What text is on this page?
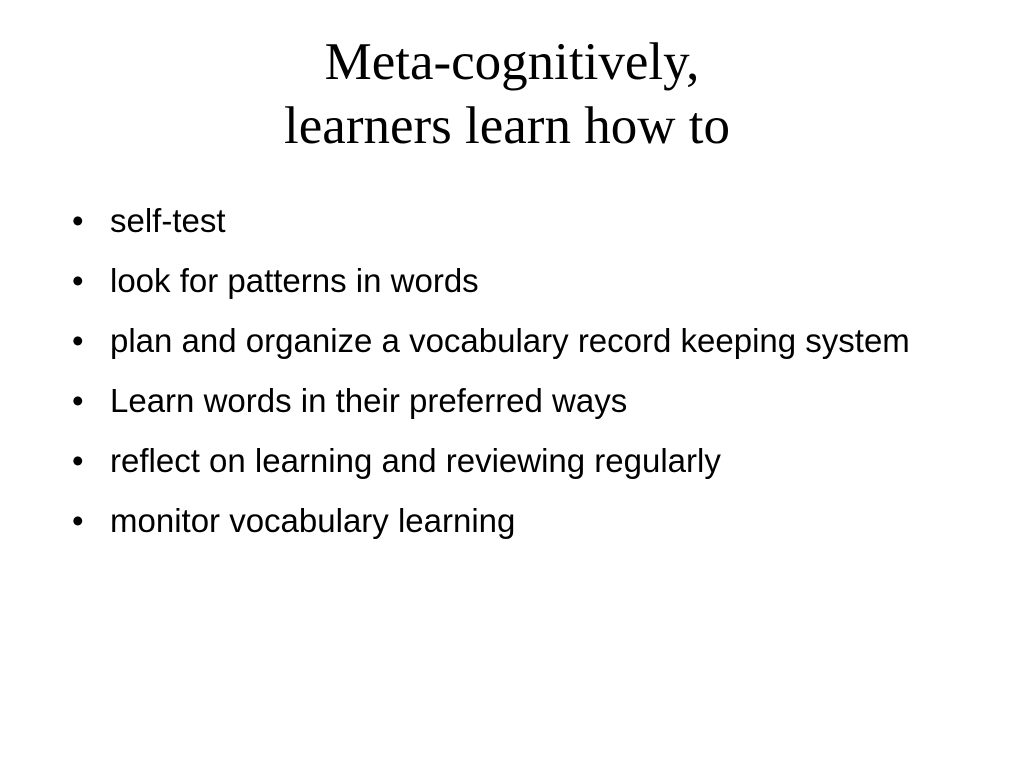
Meta-cognitively,
learners learn how to
• self-test
• look for patterns in words
• plan and organize a vocabulary record keeping system
• Learn words in their preferred ways
• reflect on learning and reviewing regularly
• monitor vocabulary learning
